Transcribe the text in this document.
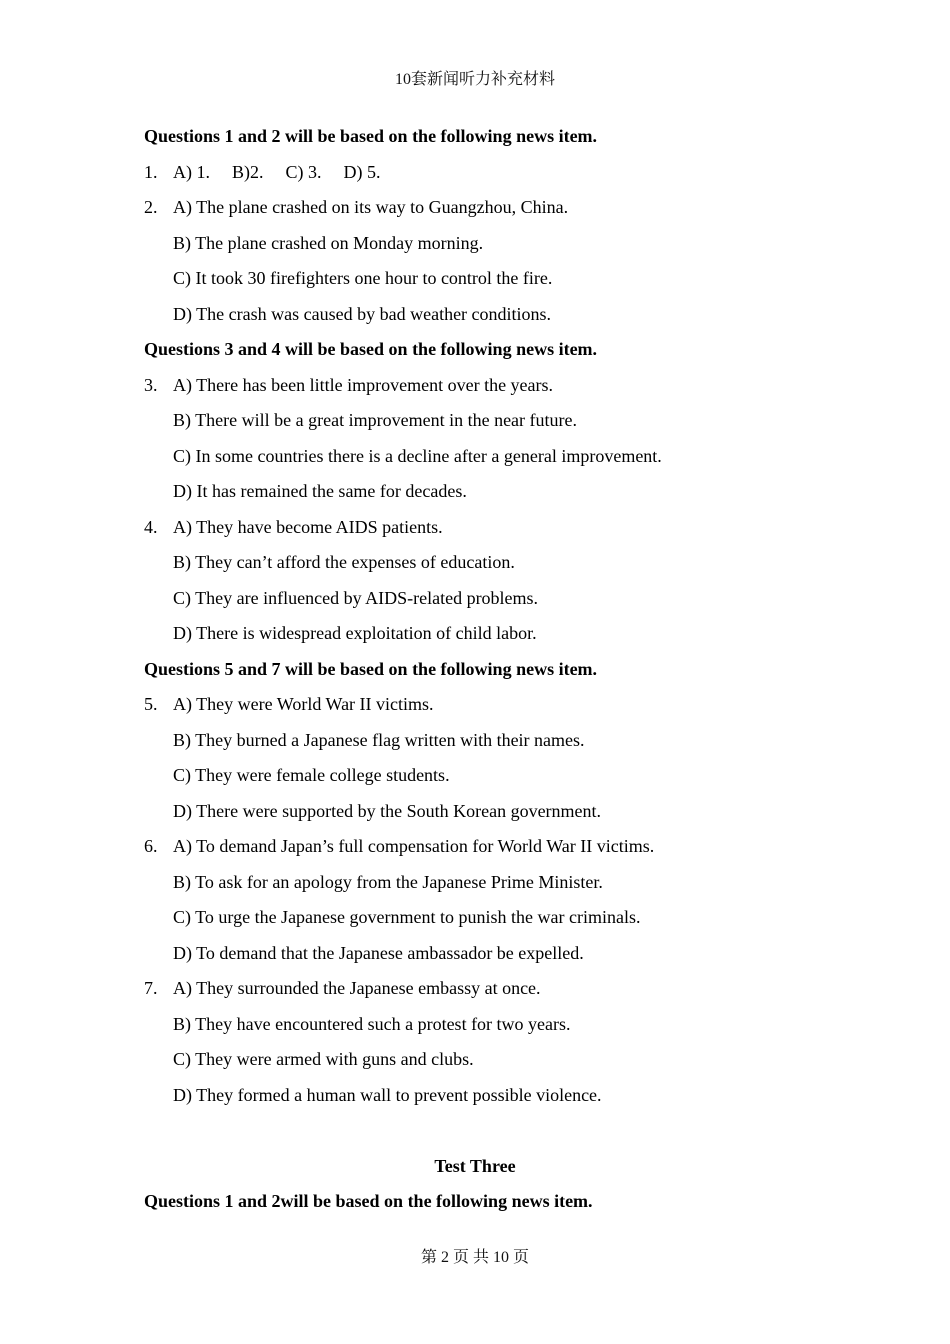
10套新闻听力补充材料
Questions 1 and 2 will be based on the following news item.
1. A) 1. B)2. C) 3. D) 5.
2. A) The plane crashed on its way to Guangzhou, China.
B) The plane crashed on Monday morning.
C) It took 30 firefighters one hour to control the fire.
D) The crash was caused by bad weather conditions.
Questions 3 and 4 will be based on the following news item.
3. A) There has been little improvement over the years.
B) There will be a great improvement in the near future.
C) In some countries there is a decline after a general improvement.
D) It has remained the same for decades.
4. A) They have become AIDS patients.
B) They can’t afford the expenses of education.
C) They are influenced by AIDS-related problems.
D) There is widespread exploitation of child labor.
Questions 5 and 7 will be based on the following news item.
5. A) They were World War II victims.
B) They burned a Japanese flag written with their names.
C) They were female college students.
D) There were supported by the South Korean government.
6. A) To demand Japan’s full compensation for World War II victims.
B) To ask for an apology from the Japanese Prime Minister.
C) To urge the Japanese government to punish the war criminals.
D) To demand that the Japanese ambassador be expelled.
7. A) They surrounded the Japanese embassy at once.
B) They have encountered such a protest for two years.
C) They were armed with guns and clubs.
D) They formed a human wall to prevent possible violence.
Test Three
Questions 1 and 2will be based on the following news item.
第 2 页 共 10 页
